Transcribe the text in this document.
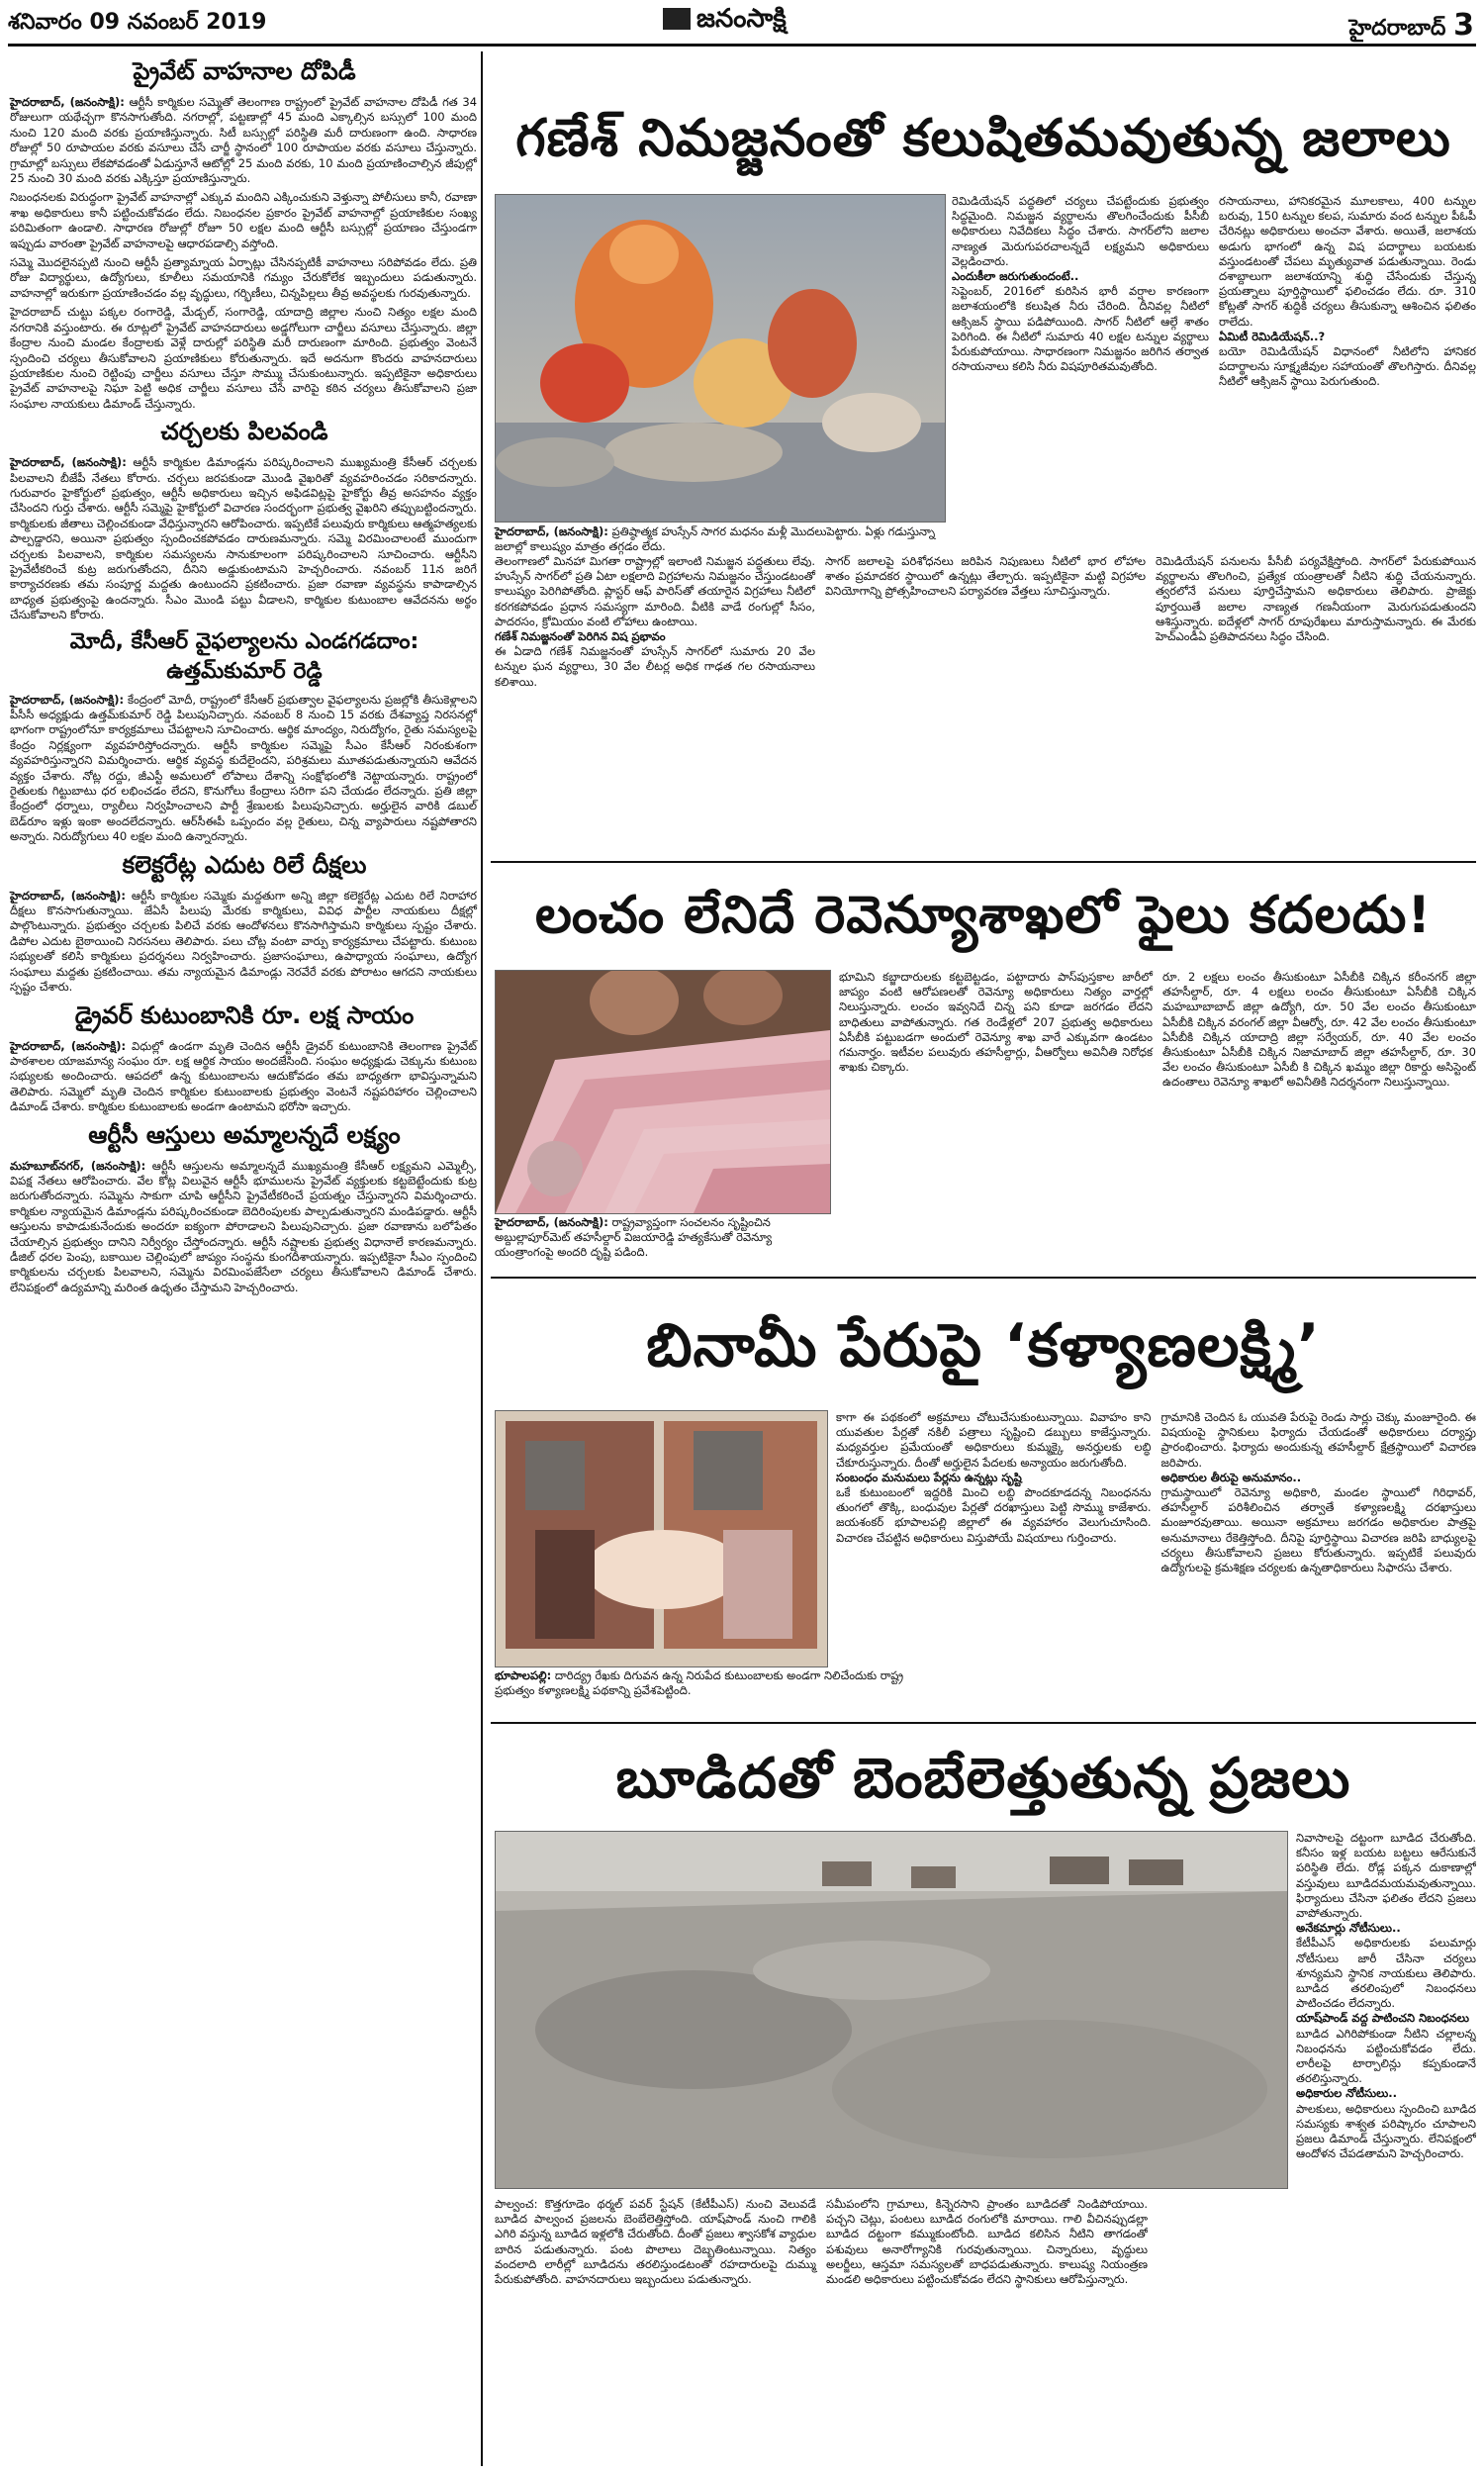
శనివారం 09 నవంబర్ 2019	జనంసాక్షి	హైదరాబాద్ 3
ప్రైవేట్ వాహనాల దోపిడీ

హైదరాబాద్, (జనంసాక్షి): ఆర్టీసీ కార్మికుల సమ్మెతో తెలంగాణ రాష్ట్రంలో ప్రైవేట్ వాహనాల దోపిడీ గత 34 రోజులుగా యథేచ్ఛగా కొనసాగుతోంది. నగరాల్లో, పట్టణాల్లో 45 మంది ఎక్కాల్సిన బస్సులో 100 మంది నుంచి 120 మంది వరకు ప్రయాణిస్తున్నారు. సిటీ బస్సుల్లో పరిస్థితి మరీ దారుణంగా ఉంది. సాధారణ రోజుల్లో 50 రూపాయల వరకు వసూలు చేసే చార్జీ స్థానంలో 100 రూపాయల వరకు వసూలు చేస్తున్నారు. గ్రామాల్లో బస్సులు లేకపోవడంతో ఏడుస్తూనే ఆటోల్లో 25 మంది వరకు, 10 మంది ప్రయాణించాల్సిన జీపుల్లో 25 నుంచి 30 మంది వరకు ఎక్కిస్తూ ప్రయాణిస్తున్నారు.

నిబంధనలకు విరుద్ధంగా ప్రైవేట్ వాహనాల్లో ఎక్కువ మందిని ఎక్కించుకుని వెళ్తున్నా పోలీసులు కానీ, రవాణా శాఖ అధికారులు కానీ పట్టించుకోవడం లేదు. నిబంధనల ప్రకారం ప్రైవేట్ వాహనాల్లో ప్రయాణికుల సంఖ్య పరిమితంగా ఉండాలి. సాధారణ రోజుల్లో రోజూ 50 లక్షల మంది ఆర్టీసీ బస్సుల్లో ప్రయాణం చేస్తుండగా ఇప్పుడు వారంతా ప్రైవేట్ వాహనాలపై ఆధారపడాల్సి వస్తోంది.

సమ్మె మొదలైనప్పటి నుంచి ఆర్టీసీ ప్రత్యామ్నాయ ఏర్పాట్లు చేసినప్పటికీ వాహనాలు సరిపోవడం లేదు. ప్రతి రోజు విద్యార్థులు, ఉద్యోగులు, కూలీలు సమయానికి గమ్యం చేరుకోలేక ఇబ్బందులు పడుతున్నారు. వాహనాల్లో ఇరుకుగా ప్రయాణించడం వల్ల వృద్ధులు, గర్భిణీలు, చిన్నపిల్లలు తీవ్ర అవస్థలకు గురవుతున్నారు.

హైదరాబాద్ చుట్టు పక్కల రంగారెడ్డి, మేడ్చల్, సంగారెడ్డి, యాదాద్రి జిల్లాల నుంచి నిత్యం లక్షల మంది నగరానికి వస్తుంటారు. ఈ రూట్లలో ప్రైవేట్ వాహనదారులు అడ్డగోలుగా చార్జీలు వసూలు చేస్తున్నారు. జిల్లా కేంద్రాల నుంచి మండల కేంద్రాలకు వెళ్లే దారుల్లో పరిస్థితి మరీ దారుణంగా మారింది. ప్రభుత్వం వెంటనే స్పందించి చర్యలు తీసుకోవాలని ప్రయాణికులు కోరుతున్నారు. ఇదే అదనుగా కొందరు వాహనదారులు ప్రయాణికుల నుంచి రెట్టింపు చార్జీలు వసూలు చేస్తూ సొమ్ము చేసుకుంటున్నారు. ఇప్పటికైనా అధికారులు ప్రైవేట్ వాహనాలపై నిఘా పెట్టి అధిక చార్జీలు వసూలు చేసే వారిపై కఠిన చర్యలు తీసుకోవాలని ప్రజా సంఘాల నాయకులు డిమాండ్ చేస్తున్నారు.

చర్చలకు పిలవండి

హైదరాబాద్, (జనంసాక్షి): ఆర్టీసీ కార్మికుల డిమాండ్లను పరిష్కరించాలని ముఖ్యమంత్రి కేసీఆర్ చర్చలకు పిలవాలని బీజేపీ నేతలు కోరారు. చర్చలు జరపకుండా మొండి వైఖరితో వ్యవహరించడం సరికాదన్నారు. గురువారం హైకోర్టులో ప్రభుత్వం, ఆర్టీసీ అధికారులు ఇచ్చిన అఫిడవిట్లపై హైకోర్టు తీవ్ర అసహనం వ్యక్తం చేసిందని గుర్తు చేశారు. ఆర్టీసీ సమ్మెపై హైకోర్టులో విచారణ సందర్భంగా ప్రభుత్వ వైఖరిని తప్పుబట్టిందన్నారు. కార్మికులకు జీతాలు చెల్లించకుండా వేధిస్తున్నారని ఆరోపించారు. ఇప్పటికే పలువురు కార్మికులు ఆత్మహత్యలకు పాల్పడ్డారని, అయినా ప్రభుత్వం స్పందించకపోవడం దారుణమన్నారు. సమ్మె విరమించాలంటే ముందుగా చర్చలకు పిలవాలని, కార్మికుల సమస్యలను సానుకూలంగా పరిష్కరించాలని సూచించారు. ఆర్టీసీని ప్రైవేటీకరించే కుట్ర జరుగుతోందని, దీనిని అడ్డుకుంటామని హెచ్చరించారు. నవంబర్ 11న జరిగే కార్యాచరణకు తమ సంపూర్ణ మద్దతు ఉంటుందని ప్రకటించారు. ప్రజా రవాణా వ్యవస్థను కాపాడాల్సిన బాధ్యత ప్రభుత్వంపై ఉందన్నారు. సీఎం మొండి పట్టు వీడాలని, కార్మికుల కుటుంబాల ఆవేదనను అర్థం చేసుకోవాలని కోరారు.

మోదీ, కేసీఆర్ వైఫల్యాలను ఎండగడదాం:
ఉత్తమ్‌కుమార్ రెడ్డి

హైదరాబాద్, (జనంసాక్షి): కేంద్రంలో మోదీ, రాష్ట్రంలో కేసీఆర్ ప్రభుత్వాల వైఫల్యాలను ప్రజల్లోకి తీసుకెళ్లాలని పీసీసీ అధ్యక్షుడు ఉత్తమ్‌కుమార్ రెడ్డి పిలుపునిచ్చారు. నవంబర్ 8 నుంచి 15 వరకు దేశవ్యాప్త నిరసనల్లో భాగంగా రాష్ట్రంలోనూ కార్యక్రమాలు చేపట్టాలని సూచించారు. ఆర్థిక మాంద్యం, నిరుద్యోగం, రైతు సమస్యలపై కేంద్రం నిర్లక్ష్యంగా వ్యవహరిస్తోందన్నారు. ఆర్టీసీ కార్మికుల సమ్మెపై సీఎం కేసీఆర్ నిరంకుశంగా వ్యవహరిస్తున్నారని విమర్శించారు. ఆర్థిక వ్యవస్థ కుదేలైందని, పరిశ్రమలు మూతపడుతున్నాయని ఆవేదన వ్యక్తం చేశారు. నోట్ల రద్దు, జీఎస్టీ అమలులో లోపాలు దేశాన్ని సంక్షోభంలోకి నెట్టాయన్నారు. రాష్ట్రంలో రైతులకు గిట్టుబాటు ధర లభించడం లేదని, కొనుగోలు కేంద్రాలు సరిగా పని చేయడం లేదన్నారు. ప్రతి జిల్లా కేంద్రంలో ధర్నాలు, ర్యాలీలు నిర్వహించాలని పార్టీ శ్రేణులకు పిలుపునిచ్చారు. అర్హులైన వారికి డబుల్ బెడ్‌రూం ఇళ్లు ఇంకా అందలేదన్నారు. ఆర్‌సీఈపీ ఒప్పందం వల్ల రైతులు, చిన్న వ్యాపారులు నష్టపోతారని అన్నారు. నిరుద్యోగులు 40 లక్షల మంది ఉన్నారన్నారు.

కలెక్టరేట్ల ఎదుట రిలే దీక్షలు

హైదరాబాద్, (జనంసాక్షి): ఆర్టీసీ కార్మికుల సమ్మెకు మద్దతుగా అన్ని జిల్లా కలెక్టరేట్ల ఎదుట రిలే నిరాహార దీక్షలు కొనసాగుతున్నాయి. జేఏసీ పిలుపు మేరకు కార్మికులు, వివిధ పార్టీల నాయకులు దీక్షల్లో పాల్గొంటున్నారు. ప్రభుత్వం చర్చలకు పిలిచే వరకు ఆందోళనలు కొనసాగిస్తామని కార్మికులు స్పష్టం చేశారు. డిపోల ఎదుట బైఠాయించి నిరసనలు తెలిపారు. పలు చోట్ల వంటా వార్పు కార్యక్రమాలు చేపట్టారు. కుటుంబ సభ్యులతో కలిసి కార్మికులు ప్రదర్శనలు నిర్వహించారు. ప్రజాసంఘాలు, ఉపాధ్యాయ సంఘాలు, ఉద్యోగ సంఘాలు మద్దతు ప్రకటించాయి. తమ న్యాయమైన డిమాండ్లు నెరవేరే వరకు పోరాటం ఆగదని నాయకులు స్పష్టం చేశారు.

డ్రైవర్ కుటుంబానికి రూ. లక్ష సాయం

హైదరాబాద్, (జనంసాక్షి): విధుల్లో ఉండగా మృతి చెందిన ఆర్టీసీ డ్రైవర్ కుటుంబానికి తెలంగాణ ప్రైవేట్ పాఠశాలల యాజమాన్య సంఘం రూ. లక్ష ఆర్థిక సాయం అందజేసింది. సంఘం అధ్యక్షుడు చెక్కును కుటుంబ సభ్యులకు అందించారు. ఆపదలో ఉన్న కుటుంబాలను ఆదుకోవడం తమ బాధ్యతగా భావిస్తున్నామని తెలిపారు. సమ్మెలో మృతి చెందిన కార్మికుల కుటుంబాలకు ప్రభుత్వం వెంటనే నష్టపరిహారం చెల్లించాలని డిమాండ్ చేశారు. కార్మికుల కుటుంబాలకు అండగా ఉంటామని భరోసా ఇచ్చారు.

ఆర్టీసీ ఆస్తులు అమ్మాలన్నదే లక్ష్యం

మహబూబ్‌నగర్, (జనంసాక్షి): ఆర్టీసీ ఆస్తులను అమ్మాలన్నదే ముఖ్యమంత్రి కేసీఆర్ లక్ష్యమని ఎమ్మెల్సీ, విపక్ష నేతలు ఆరోపించారు. వేల కోట్ల విలువైన ఆర్టీసీ భూములను ప్రైవేట్ వ్యక్తులకు కట్టబెట్టేందుకు కుట్ర జరుగుతోందన్నారు. సమ్మెను సాకుగా చూపి ఆర్టీసీని ప్రైవేటీకరించే ప్రయత్నం చేస్తున్నారని విమర్శించారు. కార్మికుల న్యాయమైన డిమాండ్లను పరిష్కరించకుండా బెదిరింపులకు పాల్పడుతున్నారని మండిపడ్డారు. ఆర్టీసీ ఆస్తులను కాపాడుకునేందుకు అందరూ ఐక్యంగా పోరాడాలని పిలుపునిచ్చారు. ప్రజా రవాణాను బలోపేతం చేయాల్సిన ప్రభుత్వం దానిని నిర్వీర్యం చేస్తోందన్నారు. ఆర్టీసీ నష్టాలకు ప్రభుత్వ విధానాలే కారణమన్నారు. డీజిల్ ధరల పెంపు, బకాయిల చెల్లింపులో జాప్యం సంస్థను కుంగదీశాయన్నారు. ఇప్పటికైనా సీఎం స్పందించి కార్మికులను చర్చలకు పిలవాలని, సమ్మెను విరమింపజేసేలా చర్యలు తీసుకోవాలని డిమాండ్ చేశారు. లేనిపక్షంలో ఉద్యమాన్ని మరింత ఉధృతం చేస్తామని హెచ్చరించారు.

గణేశ్ నిమజ్జనంతో కలుషితమవుతున్న జలాలు
రెమిడియేషన్ పద్ధతిలో చర్యలు చేపట్టేందుకు ప్రభుత్వం సిద్ధమైంది. నిమజ్జన వ్యర్థాలను తొలగించేందుకు పీసీబీ అధికారులు నివేదికలు సిద్ధం చేశారు. సాగర్‌లోని జలాల నాణ్యత మెరుగుపరచాలన్నదే లక్ష్యమని అధికారులు వెల్లడించారు.
ఎందుకీలా జరుగుతుందంటే..
సెప్టెంబర్, 2016లో కురిసిన భారీ వర్షాల కారణంగా జలాశయంలోకి కలుషిత నీరు చేరింది. దీనివల్ల నీటిలో ఆక్సిజన్ స్థాయి పడిపోయింది. సాగర్ నీటిలో ఆల్గే శాతం పెరిగింది. ఈ నీటిలో సుమారు 40 లక్షల టన్నుల వ్యర్థాలు పేరుకుపోయాయి. సాధారణంగా నిమజ్జనం జరిగిన తర్వాత రసాయనాలు కలిసి నీరు విషపూరితమవుతోంది.
రసాయనాలు, హానికరమైన మూలకాలు, 400 టన్నుల బరువు, 150 టన్నుల కలప, సుమారు వంద టన్నుల పీఓపీ చేరినట్లు అధికారులు అంచనా వేశారు. అయితే, జలాశయ అడుగు భాగంలో ఉన్న విష పదార్థాలు బయటకు వస్తుండటంతో చేపలు మృత్యువాత పడుతున్నాయి. రెండు దశాబ్దాలుగా జలాశయాన్ని శుద్ధి చేసేందుకు చేస్తున్న ప్రయత్నాలు పూర్తిస్థాయిలో ఫలించడం లేదు. రూ. 310 కోట్లతో సాగర్ శుద్ధికి చర్యలు తీసుకున్నా ఆశించిన ఫలితం రాలేదు.
ఏమిటీ రెమిడియేషన్..?
బయో రెమిడియేషన్ విధానంలో నీటిలోని హానికర పదార్థాలను సూక్ష్మజీవుల సహాయంతో తొలగిస్తారు. దీనివల్ల నీటిలో ఆక్సిజన్ స్థాయి పెరుగుతుంది.
హైదరాబాద్, (జనంసాక్షి): ప్రతిష్ఠాత్మక హుస్సేన్ సాగర మధనం మళ్లీ మొదలుపెట్టారు. ఏళ్లు గడుస్తున్నా జలాల్లో కాలుష్యం మాత్రం తగ్గడం లేదు.
తెలంగాణలో మినహా మిగతా రాష్ట్రాల్లో ఇలాంటి నిమజ్జన పద్ధతులు లేవు. హుస్సేన్ సాగర్‌లో ప్రతి ఏటా లక్షలాది విగ్రహాలను నిమజ్జనం చేస్తుండటంతో కాలుష్యం పెరిగిపోతోంది. ప్లాస్టర్ ఆఫ్ పారిస్‌తో తయారైన విగ్రహాలు నీటిలో కరగకపోవడం ప్రధాన సమస్యగా మారింది. వీటికి వాడే రంగుల్లో సీసం, పాదరసం, క్రోమియం వంటి లోహాలు ఉంటాయి.
గణేశ్ నిమజ్జనంతో పెరిగిన విష ప్రభావం
ఈ ఏడాది గణేశ్ నిమజ్జనంతో హుస్సేన్ సాగర్‌లో సుమారు 20 వేల టన్నుల ఘన వ్యర్థాలు, 30 వేల లీటర్ల అధిక గాఢత గల రసాయనాలు కలిశాయి.
సాగర్ జలాలపై పరిశోధనలు జరిపిన నిపుణులు నీటిలో భార లోహాల శాతం ప్రమాదకర స్థాయిలో ఉన్నట్లు తేల్చారు. ఇప్పటికైనా మట్టి విగ్రహాల వినియోగాన్ని ప్రోత్సహించాలని పర్యావరణ వేత్తలు సూచిస్తున్నారు.
రెమిడియేషన్ పనులను పీసీబీ పర్యవేక్షిస్తోంది. సాగర్‌లో పేరుకుపోయిన వ్యర్థాలను తొలగించి, ప్రత్యేక యంత్రాలతో నీటిని శుద్ధి చేయనున్నారు. త్వరలోనే పనులు పూర్తిచేస్తామని అధికారులు తెలిపారు. ప్రాజెక్టు పూర్తయితే జలాల నాణ్యత గణనీయంగా మెరుగుపడుతుందని ఆశిస్తున్నారు. ఐదేళ్లలో సాగర్ రూపురేఖలు మారుస్తామన్నారు. ఈ మేరకు హెచ్‌ఎండీఏ ప్రతిపాదనలు సిద్ధం చేసింది.
లంచం లేనిదే రెవెన్యూశాఖలో ఫైలు కదలదు!
హైదరాబాద్, (జనంసాక్షి): రాష్ట్రవ్యాప్తంగా సంచలనం సృష్టించిన అబ్దుల్లాపూర్‌మెట్ తహసీల్దార్ విజయారెడ్డి హత్యకేసుతో రెవెన్యూ యంత్రాంగంపై అందరి దృష్టి పడింది.
భూమిని కబ్జాదారులకు కట్టబెట్టడం, పట్టాదారు పాస్‌పుస్తకాల జారీలో జాప్యం వంటి ఆరోపణలతో రెవెన్యూ అధికారులు నిత్యం వార్తల్లో నిలుస్తున్నారు. లంచం ఇవ్వనిదే చిన్న పని కూడా జరగడం లేదని బాధితులు వాపోతున్నారు. గత రెండేళ్లలో 207 ప్రభుత్వ అధికారులు ఏసీబీకి పట్టుబడగా అందులో రెవెన్యూ శాఖ వారే ఎక్కువగా ఉండటం గమనార్హం. ఇటీవల పలువురు తహసీల్దార్లు, వీఆర్వోలు అవినీతి నిరోధక శాఖకు చిక్కారు.
రూ. 2 లక్షలు లంచం తీసుకుంటూ ఏసీబీకి చిక్కిన కరీంనగర్ జిల్లా తహసీల్దార్, రూ. 4 లక్షలు లంచం తీసుకుంటూ ఏసీబీకి చిక్కిన మహబూబాబాద్ జిల్లా ఉద్యోగి, రూ. 50 వేల లంచం తీసుకుంటూ ఏసీబీకి చిక్కిన వరంగల్ జిల్లా వీఆర్వో, రూ. 42 వేల లంచం తీసుకుంటూ ఏసీబీకి చిక్కిన యాదాద్రి జిల్లా సర్వేయర్, రూ. 40 వేల లంచం తీసుకుంటూ ఏసీబీకి చిక్కిన నిజామాబాద్ జిల్లా తహసీల్దార్, రూ. 30 వేల లంచం తీసుకుంటూ ఏసీబీ కి చిక్కిన ఖమ్మం జిల్లా రికార్డు అసిస్టెంట్ ఉదంతాలు రెవెన్యూ శాఖలో అవినీతికి నిదర్శనంగా నిలుస్తున్నాయి.
బినామీ పేరుపై ‘కళ్యాణలక్ష్మి’
భూపాలపల్లి: దారిద్య్ర రేఖకు దిగువన ఉన్న నిరుపేద కుటుంబాలకు అండగా నిలిచేందుకు రాష్ట్ర ప్రభుత్వం కళ్యాణలక్ష్మి పథకాన్ని ప్రవేశపెట్టింది.
కాగా ఈ పథకంలో అక్రమాలు చోటుచేసుకుంటున్నాయి. వివాహం కాని యువతుల పేర్లతో నకిలీ పత్రాలు సృష్టించి డబ్బులు కాజేస్తున్నారు. మధ్యవర్తుల ప్రమేయంతో అధికారులు కుమ్మక్కై అనర్హులకు లబ్ధి చేకూరుస్తున్నారు. దీంతో అర్హులైన పేదలకు అన్యాయం జరుగుతోంది.
సంబంధం మనుమలు పేర్లను ఉన్నట్లు సృష్టి
ఒకే కుటుంబంలో ఇద్దరికి మించి లబ్ధి పొందకూడదన్న నిబంధనను తుంగలో తొక్కి, బంధువుల పేర్లతో దరఖాస్తులు పెట్టి సొమ్ము కాజేశారు. జయశంకర్ భూపాలపల్లి జిల్లాలో ఈ వ్యవహారం వెలుగుచూసింది. విచారణ చేపట్టిన అధికారులు విస్తుపోయే విషయాలు గుర్తించారు.
గ్రామానికి చెందిన ఓ యువతి పేరుపై రెండు సార్లు చెక్కు మంజూరైంది. ఈ విషయంపై స్థానికులు ఫిర్యాదు చేయడంతో అధికారులు దర్యాప్తు ప్రారంభించారు. ఫిర్యాదు అందుకున్న తహసీల్దార్ క్షేత్రస్థాయిలో విచారణ జరిపారు.
అధికారుల తీరుపై అనుమానం..
గ్రామస్థాయిలో రెవెన్యూ అధికారి, మండల స్థాయిలో గిరిధావర్, తహసీల్దార్ పరిశీలించిన తర్వాతే కళ్యాణలక్ష్మి దరఖాస్తులు మంజూరవుతాయి. అయినా అక్రమాలు జరగడం అధికారుల పాత్రపై అనుమానాలు రేకెత్తిస్తోంది. దీనిపై పూర్తిస్థాయి విచారణ జరిపి బాధ్యులపై చర్యలు తీసుకోవాలని ప్రజలు కోరుతున్నారు. ఇప్పటికే పలువురు ఉద్యోగులపై క్రమశిక్షణ చర్యలకు ఉన్నతాధికారులు సిఫారసు చేశారు.
బూడిదతో బెంబేలెత్తుతున్న ప్రజలు
పాల్వంచ: కొత్తగూడెం థర్మల్ పవర్ స్టేషన్ (కేటీపీఎస్) నుంచి వెలువడే బూడిద పాల్వంచ ప్రజలను బెంబేలెత్తిస్తోంది. యాష్‌పాండ్ నుంచి గాలికి ఎగిరి వస్తున్న బూడిద ఇళ్లలోకి చేరుతోంది. దీంతో ప్రజలు శ్వాసకోశ వ్యాధుల బారిన పడుతున్నారు. పంట పొలాలు దెబ్బతింటున్నాయి. నిత్యం వందలాది లారీల్లో బూడిదను తరలిస్తుండటంతో రహదారులపై దుమ్ము పేరుకుపోతోంది. వాహనదారులు ఇబ్బందులు పడుతున్నారు.
సమీపంలోని గ్రామాలు, కిన్నెరసాని ప్రాంతం బూడిదతో నిండిపోయాయి. పచ్చని చెట్లు, పంటలు బూడిద రంగులోకి మారాయి. గాలి వీచినప్పుడల్లా బూడిద దట్టంగా కమ్ముకుంటోంది. బూడిద కలిసిన నీటిని తాగడంతో పశువులు అనారోగ్యానికి గురవుతున్నాయి. చిన్నారులు, వృద్ధులు అలర్జీలు, ఆస్తమా సమస్యలతో బాధపడుతున్నారు. కాలుష్య నియంత్రణ మండలి అధికారులు పట్టించుకోవడం లేదని స్థానికులు ఆరోపిస్తున్నారు.
నివాసాలపై దట్టంగా బూడిద చేరుతోంది. కనీసం ఇళ్ల బయట బట్టలు ఆరేసుకునే పరిస్థితి లేదు. రోడ్ల పక్కన దుకాణాల్లో వస్తువులు బూడిదమయమవుతున్నాయి. ఫిర్యాదులు చేసినా ఫలితం లేదని ప్రజలు వాపోతున్నారు.
అనేకమార్లు నోటీసులు..
కేటీపీఎస్ అధికారులకు పలుమార్లు నోటీసులు జారీ చేసినా చర్యలు శూన్యమని స్థానిక నాయకులు తెలిపారు. బూడిద తరలింపులో నిబంధనలు పాటించడం లేదన్నారు.
యాష్‌పాండ్ వద్ద పాటించని నిబంధనలు
బూడిద ఎగిరిపోకుండా నీటిని చల్లాలన్న నిబంధనను పట్టించుకోవడం లేదు. లారీలపై టార్పాలిన్లు కప్పకుండానే తరలిస్తున్నారు.
అధికారుల నోటీసులు..
పాలకులు, అధికారులు స్పందించి బూడిద సమస్యకు శాశ్వత పరిష్కారం చూపాలని ప్రజలు డిమాండ్ చేస్తున్నారు. లేనిపక్షంలో ఆందోళన చేపడతామని హెచ్చరించారు.
